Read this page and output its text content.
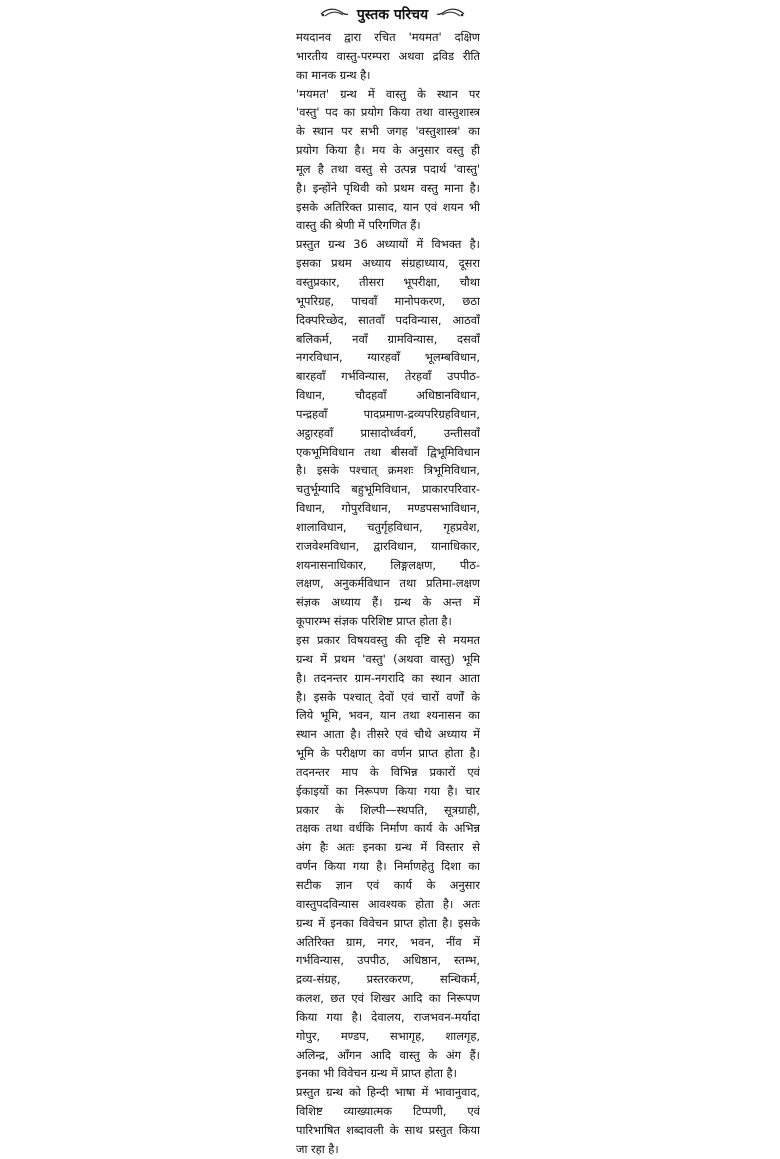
पुस्तक परिचय
मयदानव द्वारा रचित 'मयमत' दक्षिण
भारतीय वास्तु-परम्परा अथवा द्रविड रीति
का मानक ग्रन्थ है।
'मयमत' ग्रन्थ में वास्तु के स्थान पर
'वस्तु' पद का प्रयोग किया तथा वास्तुशास्त्र
के स्थान पर सभी जगह 'वस्तुशास्त्र' का
प्रयोग किया है। मय के अनुसार वस्तु ही
मूल है तथा वस्तु से उत्पन्न पदार्थ 'वास्तु'
है। इन्होंने पृथिवी को प्रथम वस्तु माना है।
इसके अतिरिक्त प्रासाद, यान एवं शयन भी
वास्तु की श्रेणी में परिगणित हैं।
प्रस्तुत ग्रन्थ 36 अध्यायों में विभक्त है।
इसका प्रथम अध्याय संग्रहाध्याय, दूसरा
वस्तुप्रकार, तीसरा भूपरीक्षा, चौथा
भूपरिग्रह, पाचवाँ मानोपकरण, छठा
दिक्परिच्छेद, सातवाँ पदविन्यास, आठवाँ
बलिकर्म, नवाँ ग्रामविन्यास, दसवाँ
नगरविधान, ग्यारहवाँ भूलम्बविधान,
बारहवाँ गर्भविन्यास, तेरहवाँ उपपीठ-
विधान, चौदहवाँ अधिष्ठानविधान,
पन्द्रहवाँ पादप्रमाण-द्रव्यपरिग्रहविधान,
अट्ठारहवाँ प्रासादोर्ध्ववर्ग, उन्तीसवाँ
एकभूमिविधान तथा बीसवाँ द्विभूमिविधान
है। इसके पश्चात् क्रमशः त्रिभूमिविधान,
चतुर्भूम्यादि बहुभूमिविधान, प्राकारपरिवार-
विधान, गोपुरविधान, मण्डपसभाविधान,
शालाविधान, चतुर्गृहविधान, गृहप्रवेश,
राजवेश्मविधान, द्वारविधान, यानाधिकार,
शयनासनाधिकार, लिङ्गलक्षण, पीठ-
लक्षण, अनुकर्मविधान तथा प्रतिमा-लक्षण
संज्ञक अध्याय हैं। ग्रन्थ के अन्त में
कूपारम्भ संज्ञक परिशिष्ट प्राप्त होता है।
इस प्रकार विषयवस्तु की दृष्टि से मयमत
ग्रन्थ में प्रथम 'वस्तु' (अथवा वास्तु) भूमि
है। तदनन्तर ग्राम-नगरादि का स्थान आता
है। इसके पश्चात् देवों एवं चारों वर्णों के
लिये भूमि, भवन, यान तथा श्यनासन का
स्थान आता है। तीसरे एवं चौथे अध्याय में
भूमि के परीक्षण का वर्णन प्राप्त होता है।
तदनन्तर माप के विभिन्न प्रकारों एवं
ईकाइयों का निरूपण किया गया है। चार
प्रकार के शिल्पी—स्थपति, सूत्रग्राही,
तक्षक तथा वर्धकि निर्माण कार्य के अभिन्न
अंग हैः अतः इनका ग्रन्थ में विस्तार से
वर्णन किया गया है। निर्माणहेतु दिशा का
सटीक ज्ञान एवं कार्य के अनुसार
वास्तुपदविन्यास आवश्यक होता है। अतः
ग्रन्थ में इनका विवेचन प्राप्त होता है। इसके
अतिरिक्त ग्राम, नगर, भवन, नींव में
गर्भविन्यास, उपपीठ, अधिष्ठान, स्तम्भ,
द्रव्य-संग्रह, प्रस्तरकरण, सन्धिकर्म,
कलश, छत एवं शिखर आदि का निरूपण
किया गया है। देवालय, राजभवन-मर्यादा
गोपुर, मण्डप, सभागृह, शालगृह,
अलिन्द्र, आँगन आदि वास्तु के अंग हैं।
इनका भी विवेचन ग्रन्थ में प्राप्त होता है।
प्रस्तुत ग्रन्थ को हिन्दी भाषा में भावानुवाद,
विशिष्ट व्याख्यात्मक टिप्पणी, एवं
पारिभाषित शब्दावली के साथ प्रस्तुत किया
जा रहा है।
